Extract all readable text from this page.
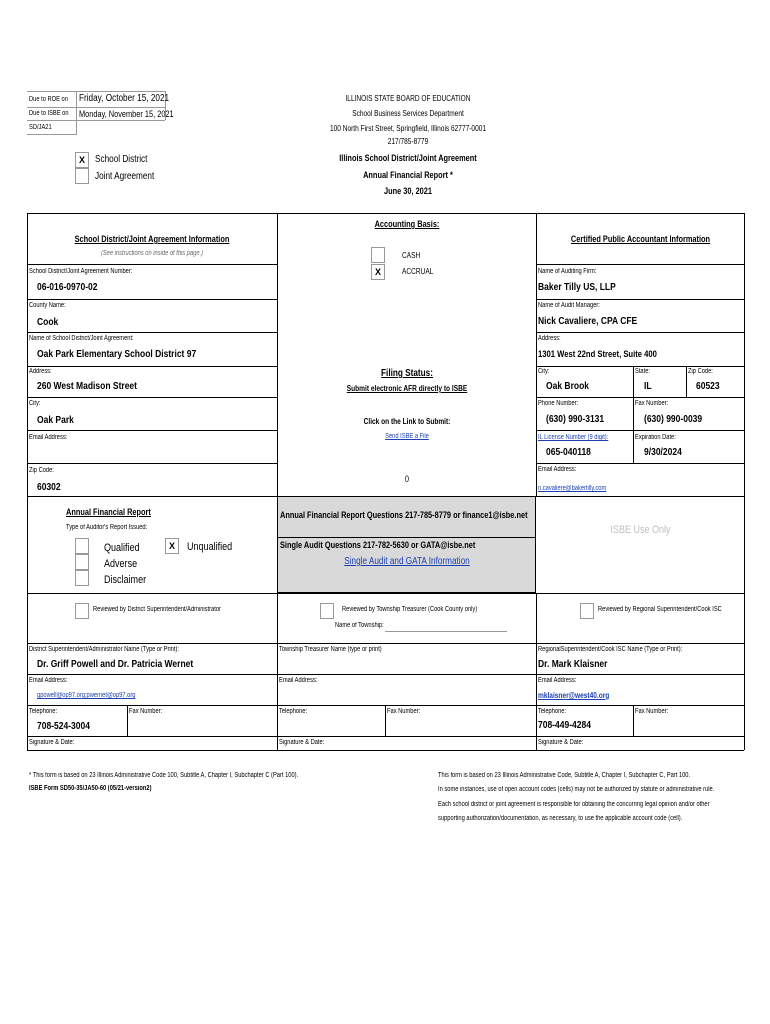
Due to ROE on Friday, October 15, 2021
Due to ISBE on Monday, November 15, 2021
SD/JA21
ILLINOIS STATE BOARD OF EDUCATION
School Business Services Department
100 North First Street, Springfield, Illinois 62777-0001
217/785-8779
Illinois School District/Joint Agreement
Annual Financial Report *
June 30, 2021
X	School District
Joint Agreement
School District/Joint Agreement Information
(See instructions on inside of this page.)
School District/Joint Agreement Number:
06-016-0970-02
County Name:
Cook
Name of School District/Joint Agreement:
Oak Park Elementary School District 97
Address:
260 West Madison Street
City:
Oak Park
Email Address:
Zip Code:
60302
Accounting Basis:
CASH
X	ACCRUAL
Filing Status:
Submit electronic AFR directly to ISBE
Click on the Link to Submit:
Send ISBE a File
0
Certified Public Accountant Information
Name of Auditing Firm:
Baker Tilly US, LLP
Name of Audit Manager:
Nick Cavaliere, CPA CFE
Address:
1301 West 22nd Street, Suite 400
City:
Oak Brook
State:
IL
Zip Code:
60523
Phone Number:
(630) 990-3131
Fax Number:
(630) 990-0039
IL License Number (9 digit):
065-040118
Expiration Date:
9/30/2024
Email Address:
n.cavaliere@bakertilly.com
Annual Financial Report
Type of Auditor's Report Issued:
Qualified	X	Unqualified
Adverse
Disclaimer
Annual Financial Report Questions 217-785-8779 or finance1@isbe.net
Single Audit Questions 217-782-5630 or GATA@isbe.net
Single Audit and GATA Information
ISBE Use Only
Reviewed by District Superintendent/Administrator	Reviewed by Township Treasurer (Cook County only)
Name of Township:
Reviewed by Regional Superintendent/Cook ISC
District Superintendent/Administrator Name (Type or Print):
Dr. Griff Powell and Dr. Patricia Wernet
Email Address:
gpowell@op97.org;pwernet@op97.org
Telephone:
708-524-3004
Fax Number:
Signature & Date:
Township Treasurer Name (type or print)
Email Address:
Telephone:	Fax Number:
Signature & Date:
RegionalSuperintendent/Cook ISC Name (Type or Print):
Dr. Mark Klaisner
Email Address:
mklaisner@west40.org
Telephone:
708-449-4284
Fax Number:
Signature & Date:
* This form is based on 23 Illinois Administrative Code 100, Subtitle A, Chapter I, Subchapter C (Part 100).
ISBE Form SD50-35/JA50-60 (05/21-version2)
This form is based on 23 Illinois Administrative Code, Subtitle A, Chapter I, Subchapter C, Part 100.
In some instances, use of open account codes (cells) may not be authorized by statute or administrative rule.
Each school district or joint agreement is responsible for obtaining the concurring legal opinion and/or other
supporting authorization/documentation, as necessary, to use the applicable account code (cell).
